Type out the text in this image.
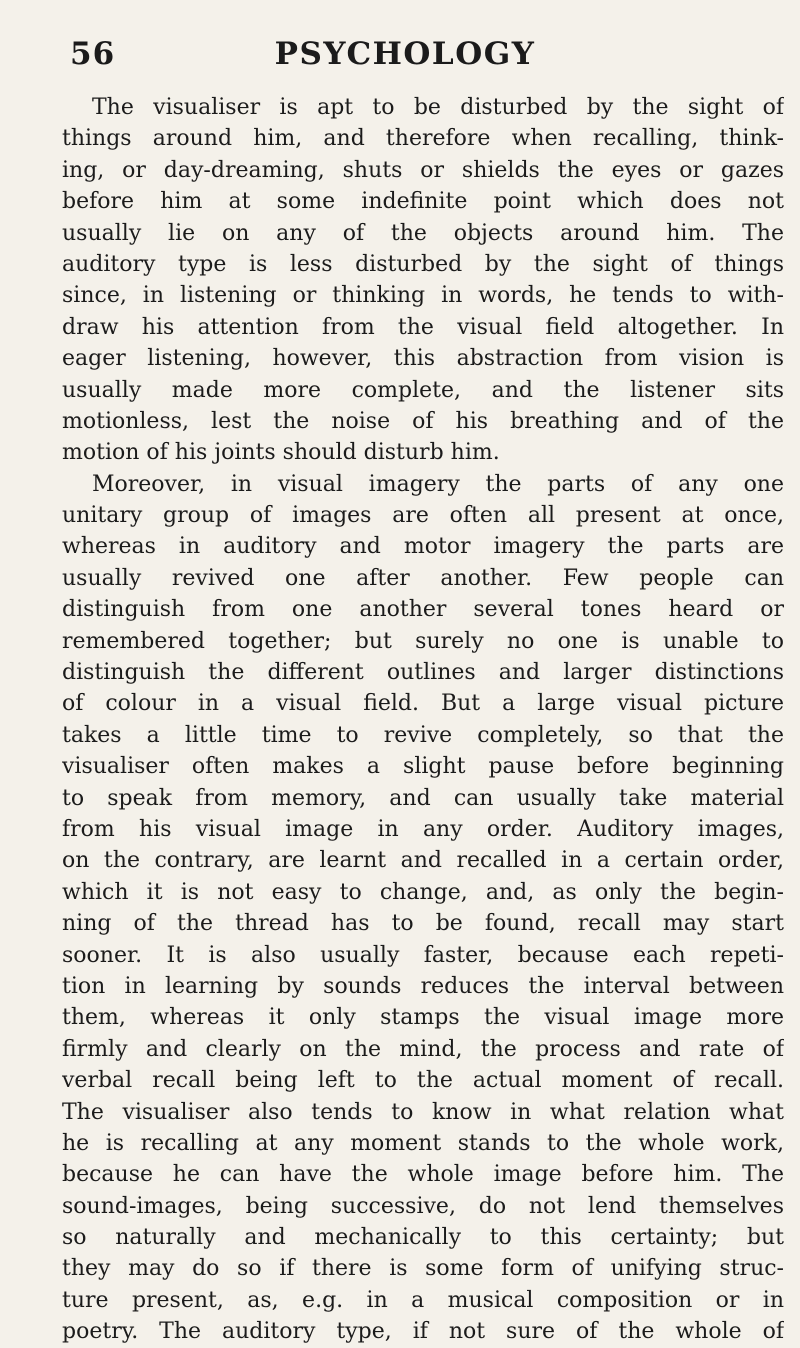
56	PSYCHOLOGY
The visualiser is apt to be disturbed by the sight of
things around him, and therefore when recalling, think-
ing, or day-dreaming, shuts or shields the eyes or gazes
before him at some indefinite point which does not
usually lie on any of the objects around him. The
auditory type is less disturbed by the sight of things
since, in listening or thinking in words, he tends to with-
draw his attention from the visual field altogether. In
eager listening, however, this abstraction from vision is
usually made more complete, and the listener sits
motionless, lest the noise of his breathing and of the
motion of his joints should disturb him.
Moreover, in visual imagery the parts of any one
unitary group of images are often all present at once,
whereas in auditory and motor imagery the parts are
usually revived one after another. Few people can
distinguish from one another several tones heard or
remembered together; but surely no one is unable to
distinguish the different outlines and larger distinctions
of colour in a visual field. But a large visual picture
takes a little time to revive completely, so that the
visualiser often makes a slight pause before beginning
to speak from memory, and can usually take material
from his visual image in any order. Auditory images,
on the contrary, are learnt and recalled in a certain order,
which it is not easy to change, and, as only the begin-
ning of the thread has to be found, recall may start
sooner. It is also usually faster, because each repeti-
tion in learning by sounds reduces the interval between
them, whereas it only stamps the visual image more
firmly and clearly on the mind, the process and rate of
verbal recall being left to the actual moment of recall.
The visualiser also tends to know in what relation what
he is recalling at any moment stands to the whole work,
because he can have the whole image before him. The
sound-images, being successive, do not lend themselves
so naturally and mechanically to this certainty; but
they may do so if there is some form of unifying struc-
ture present, as, e.g. in a musical composition or in
poetry. The auditory type, if not sure of the whole of
